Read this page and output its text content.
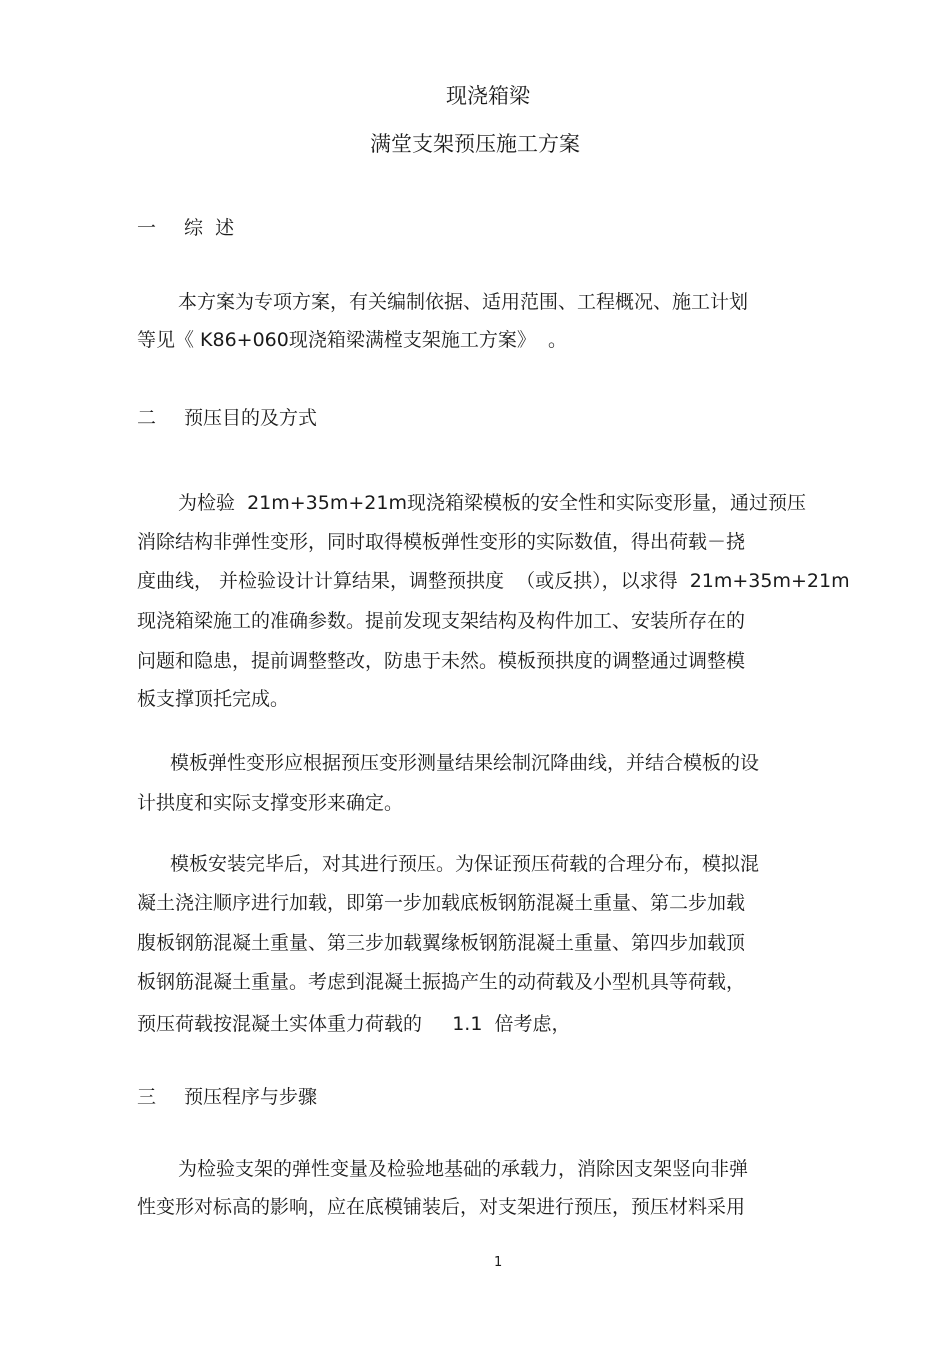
现浇箱梁
满堂支架预压施工方案
一 综  述
本方案为专项方案，有关编制依据、适用范围、工程概况、施工计划
等见《 K86+060现浇箱梁满樘支架施工方案》  。
二 预压目的及方式
为检验  21m+35m+21m现浇箱梁模板的安全性和实际变形量，通过预压
消除结构非弹性变形，同时取得模板弹性变形的实际数值，得出荷载－挠
度曲线， 并检验设计计算结果，调整预拱度  （或反拱），以求得  21m+35m+21m
现浇箱梁施工的准确参数。提前发现支架结构及构件加工、安装所存在的
问题和隐患，提前调整整改，防患于未然。模板预拱度的调整通过调整模
板支撑顶托完成。
模板弹性变形应根据预压变形测量结果绘制沉降曲线，并结合模板的设
计拱度和实际支撑变形来确定。
模板安装完毕后，对其进行预压。为保证预压荷载的合理分布，模拟混
凝土浇注顺序进行加载，即第一步加载底板钢筋混凝土重量、第二步加载
腹板钢筋混凝土重量、第三步加载翼缘板钢筋混凝土重量、第四步加载顶
板钢筋混凝土重量。考虑到混凝土振捣产生的动荷载及小型机具等荷载，
预压荷载按混凝土实体重力荷载的     1.1  倍考虑，
三 预压程序与步骤
为检验支架的弹性变量及检验地基础的承载力，消除因支架竖向非弹
性变形对标高的影响，应在底模铺装后，对支架进行预压，预压材料采用
1
